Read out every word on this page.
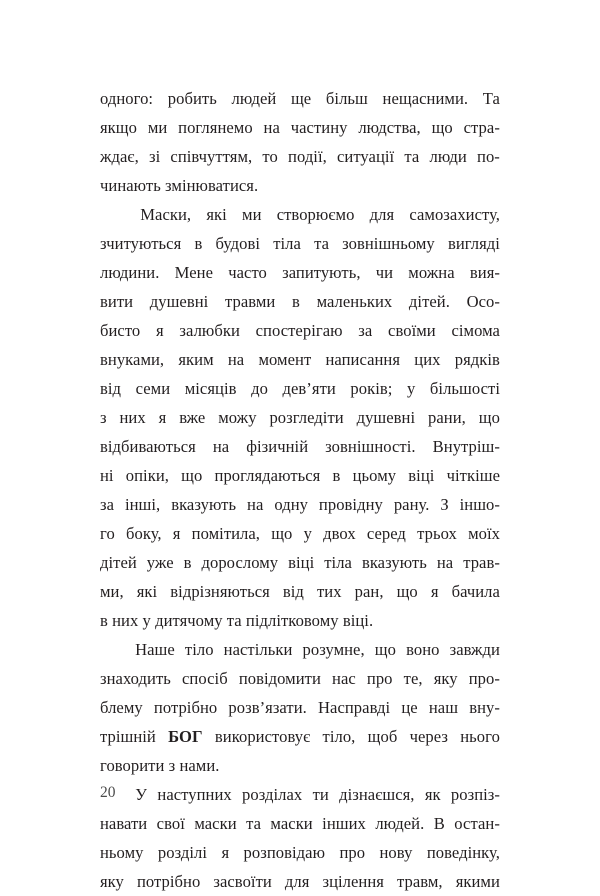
одного: робить людей ще більш нещасними. Та
якщо ми поглянемо на частину людства, що стра-
ждає, зі співчуттям, то події, ситуації та люди по-
чинають змінюватися.

Маски, які ми створюємо для самозахисту,
зчитуються в будові тіла та зовнішньому вигляді
людини. Мене часто запитують, чи можна вия-
вити душевні травми в маленьких дітей. Осо-
бисто я залюбки спостерігаю за своїми сімома
внуками, яким на момент написання цих рядків
від семи місяців до дев’яти років; у більшості
з них я вже можу розгледіти душевні рани, що
відбиваються на фізичній зовнішності. Внутріш-
ні опіки, що проглядаються в цьому віці чіткіше
за інші, вказують на одну провідну рану. З іншо-
го боку, я помітила, що у двох серед трьох моїх
дітей уже в дорослому віці тіла вказують на трав-
ми, які відрізняються від тих ран, що я бачила
в них у дитячому та підлітковому віці.

Наше тіло настільки розумне, що воно завжди
знаходить спосіб повідомити нас про те, яку про-
блему потрібно розв’язати. Насправді це наш вну-
трішній БОГ використовує тіло, щоб через нього
говорити з нами.

У наступних розділах ти дізнаєшся, як розпіз-
навати свої маски та маски інших людей. В остан-
ньому розділі я розповідаю про нову поведінку,
яку потрібно засвоїти для зцілення травм, якими

20
